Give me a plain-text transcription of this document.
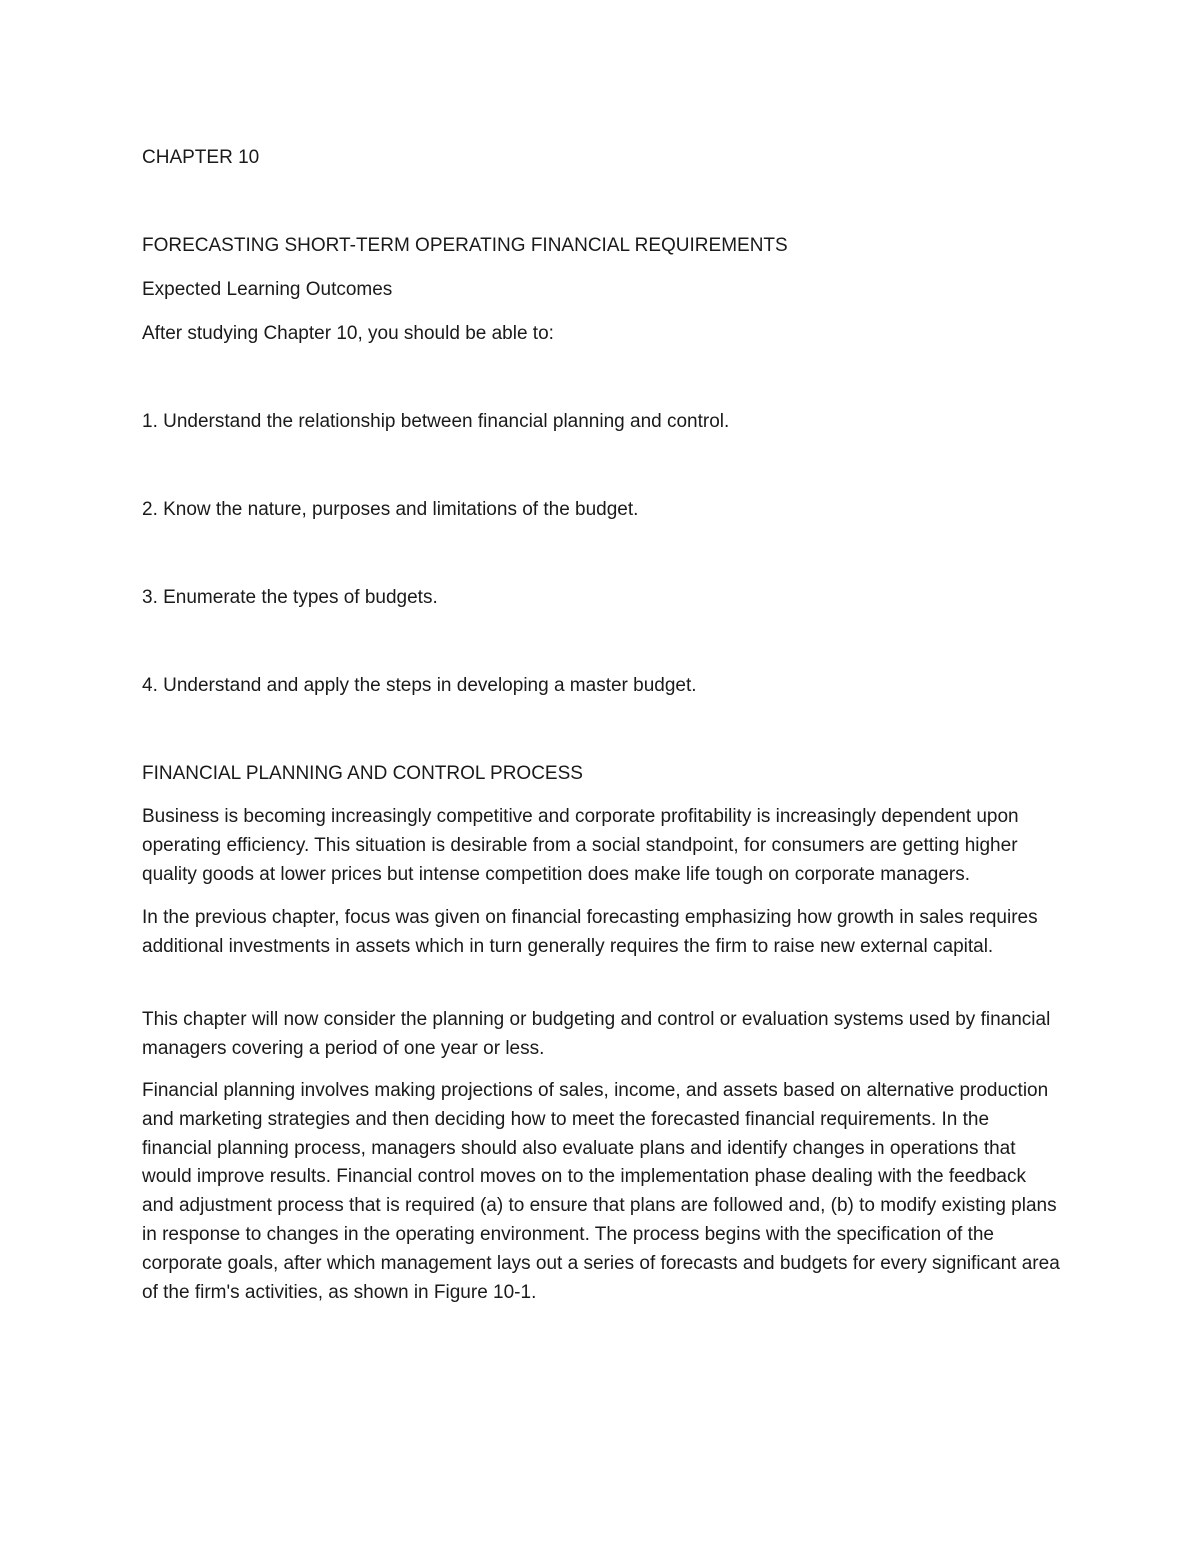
CHAPTER 10

FORECASTING SHORT-TERM OPERATING FINANCIAL REQUIREMENTS

Expected Learning Outcomes

After studying Chapter 10, you should be able to:

1. Understand the relationship between financial planning and control.

2. Know the nature, purposes and limitations of the budget.

3. Enumerate the types of budgets.

4. Understand and apply the steps in developing a master budget.

FINANCIAL PLANNING AND CONTROL PROCESS

Business is becoming increasingly competitive and corporate profitability is increasingly dependent upon operating efficiency. This situation is desirable from a social standpoint, for consumers are getting higher quality goods at lower prices but intense competition does make life tough on corporate managers.

In the previous chapter, focus was given on financial forecasting emphasizing how growth in sales requires additional investments in assets which in turn generally requires the firm to raise new external capital.

This chapter will now consider the planning or budgeting and control or evaluation systems used by financial managers covering a period of one year or less.

Financial planning involves making projections of sales, income, and assets based on alternative production and marketing strategies and then deciding how to meet the forecasted financial requirements. In the financial planning process, managers should also evaluate plans and identify changes in operations that would improve results. Financial control moves on to the implementation phase dealing with the feedback and adjustment process that is required (a) to ensure that plans are followed and, (b) to modify existing plans in response to changes in the operating environment. The process begins with the specification of the corporate goals, after which management lays out a series of forecasts and budgets for every significant area of the firm's activities, as shown in Figure 10-1.
